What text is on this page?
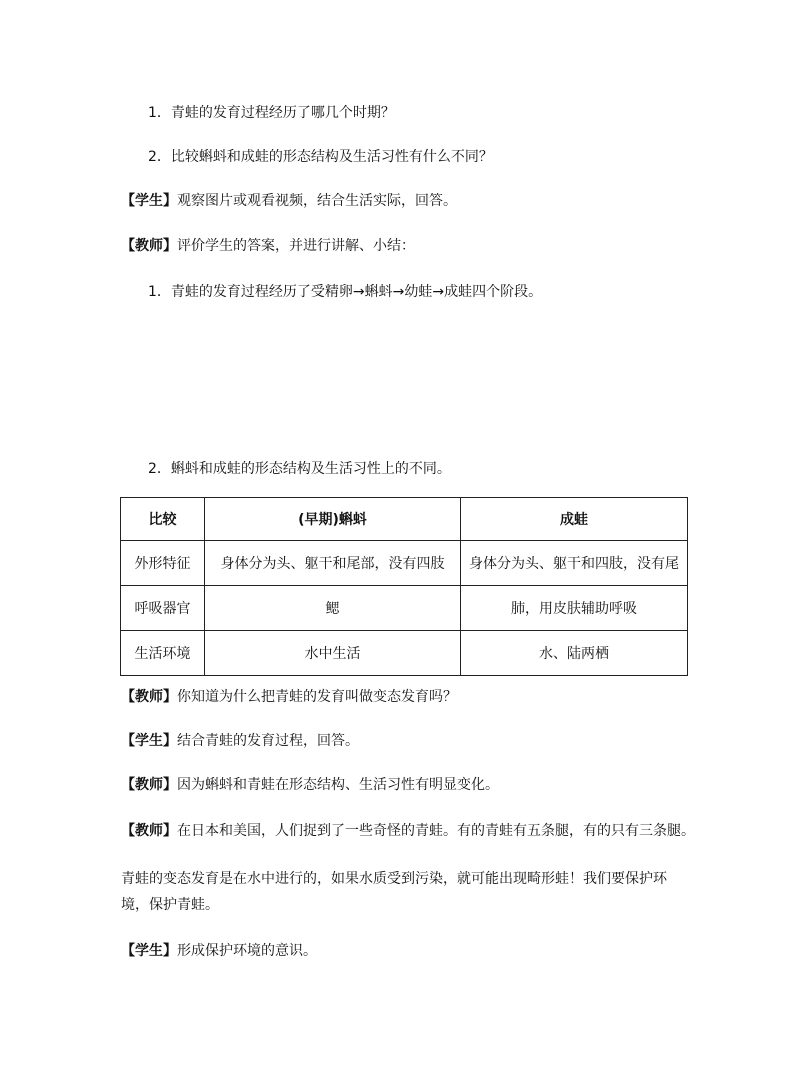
1．青蛙的发育过程经历了哪几个时期？
2．比较蝌蚪和成蛙的形态结构及生活习性有什么不同？
【学生】观察图片或观看视频，结合生活实际，回答。
【教师】评价学生的答案，并进行讲解、小结：
1．青蛙的发育过程经历了受精卵→蝌蚪→幼蛙→成蛙四个阶段。
2．蝌蚪和成蛙的形态结构及生活习性上的不同。
比较	(早期)蝌蚪	成蛙
外形特征	身体分为头、躯干和尾部，没有四肢	身体分为头、躯干和四肢，没有尾
呼吸器官	鳃	肺，用皮肤辅助呼吸
生活环境	水中生活	水、陆两栖
【教师】你知道为什么把青蛙的发育叫做变态发育吗？
【学生】结合青蛙的发育过程，回答。
【教师】因为蝌蚪和青蛙在形态结构、生活习性有明显变化。
【教师】在日本和美国，人们捉到了一些奇怪的青蛙。有的青蛙有五条腿，有的只有三条腿。
青蛙的变态发育是在水中进行的，如果水质受到污染，就可能出现畸形蛙！我们要保护环境，保护青蛙。
【学生】形成保护环境的意识。
